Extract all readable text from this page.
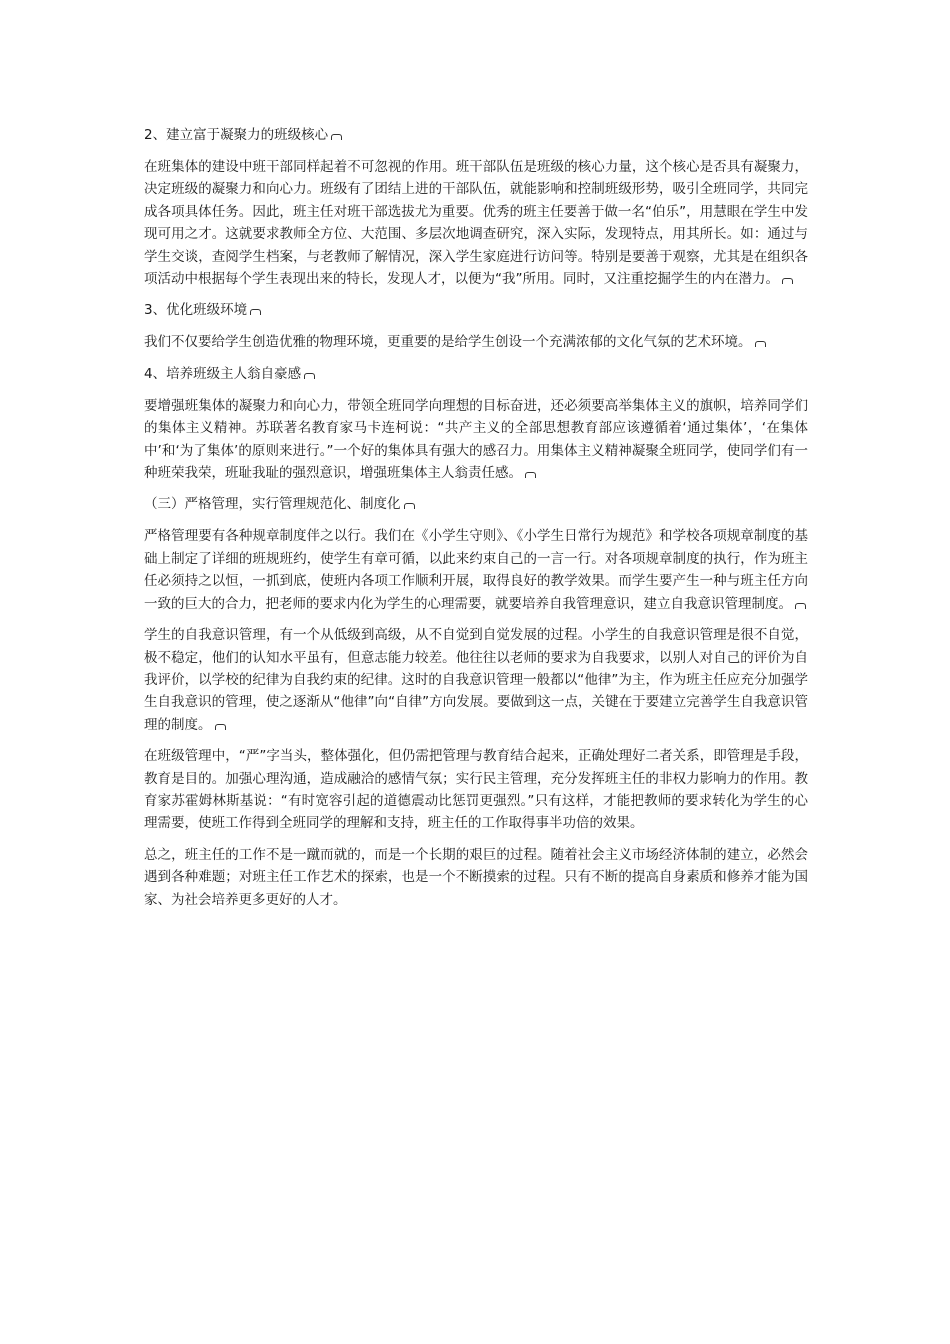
2、建立富于凝聚力的班级核心
在班集体的建设中班干部同样起着不可忽视的作用。班干部队伍是班级的核心力量，这个核心是否具有凝聚力，决定班级的凝聚力和向心力。班级有了团结上进的干部队伍，就能影响和控制班级形势，吸引全班同学，共同完成各项具体任务。因此，班主任对班干部选拔尤为重要。优秀的班主任要善于做一名“伯乐”，用慧眼在学生中发现可用之才。这就要求教师全方位、大范围、多层次地调查研究，深入实际，发现特点，用其所长。如：通过与学生交谈，查阅学生档案，与老教师了解情况，深入学生家庭进行访问等。特别是要善于观察，尤其是在组织各项活动中根据每个学生表现出来的特长，发现人才，以便为“我”所用。同时，又注重挖掘学生的内在潜力。
3、优化班级环境
我们不仅要给学生创造优雅的物理环境，更重要的是给学生创设一个充满浓郁的文化气氛的艺术环境。
4、培养班级主人翁自豪感
要增强班集体的凝聚力和向心力，带领全班同学向理想的目标奋进，还必须要高举集体主义的旗帜，培养同学们的集体主义精神。苏联著名教育家马卡连柯说：“共产主义的全部思想教育部应该遵循着‘通过集体’，‘在集体中’和‘为了集体’的原则来进行。”一个好的集体具有强大的感召力。用集体主义精神凝聚全班同学，使同学们有一种班荣我荣，班耻我耻的强烈意识，增强班集体主人翁责任感。
（三）严格管理，实行管理规范化、制度化
严格管理要有各种规章制度伴之以行。我们在《小学生守则》、《小学生日常行为规范》和学校各项规章制度的基础上制定了详细的班规班约，使学生有章可循，以此来约束自己的一言一行。对各项规章制度的执行，作为班主任必须持之以恒，一抓到底，使班内各项工作顺利开展，取得良好的教学效果。而学生要产生一种与班主任方向一致的巨大的合力，把老师的要求内化为学生的心理需要，就要培养自我管理意识，建立自我意识管理制度。
学生的自我意识管理，有一个从低级到高级，从不自觉到自觉发展的过程。小学生的自我意识管理是很不自觉，极不稳定，他们的认知水平虽有，但意志能力较差。他往往以老师的要求为自我要求，以别人对自己的评价为自我评价，以学校的纪律为自我约束的纪律。这时的自我意识管理一般都以“他律”为主，作为班主任应充分加强学生自我意识的管理，使之逐渐从“他律”向“自律”方向发展。要做到这一点，关键在于要建立完善学生自我意识管理的制度。
在班级管理中，“严”字当头，整体强化，但仍需把管理与教育结合起来，正确处理好二者关系，即管理是手段，教育是目的。加强心理沟通，造成融洽的感情气氛；实行民主管理，充分发挥班主任的非权力影响力的作用。教育家苏霍姆林斯基说：“有时宽容引起的道德震动比惩罚更强烈。”只有这样，才能把教师的要求转化为学生的心理需要，使班工作得到全班同学的理解和支持，班主任的工作取得事半功倍的效果。
总之，班主任的工作不是一蹴而就的，而是一个长期的艰巨的过程。随着社会主义市场经济体制的建立，必然会遇到各种难题；对班主任工作艺术的探索，也是一个不断摸索的过程。只有不断的提高自身素质和修养才能为国家、为社会培养更多更好的人才。
